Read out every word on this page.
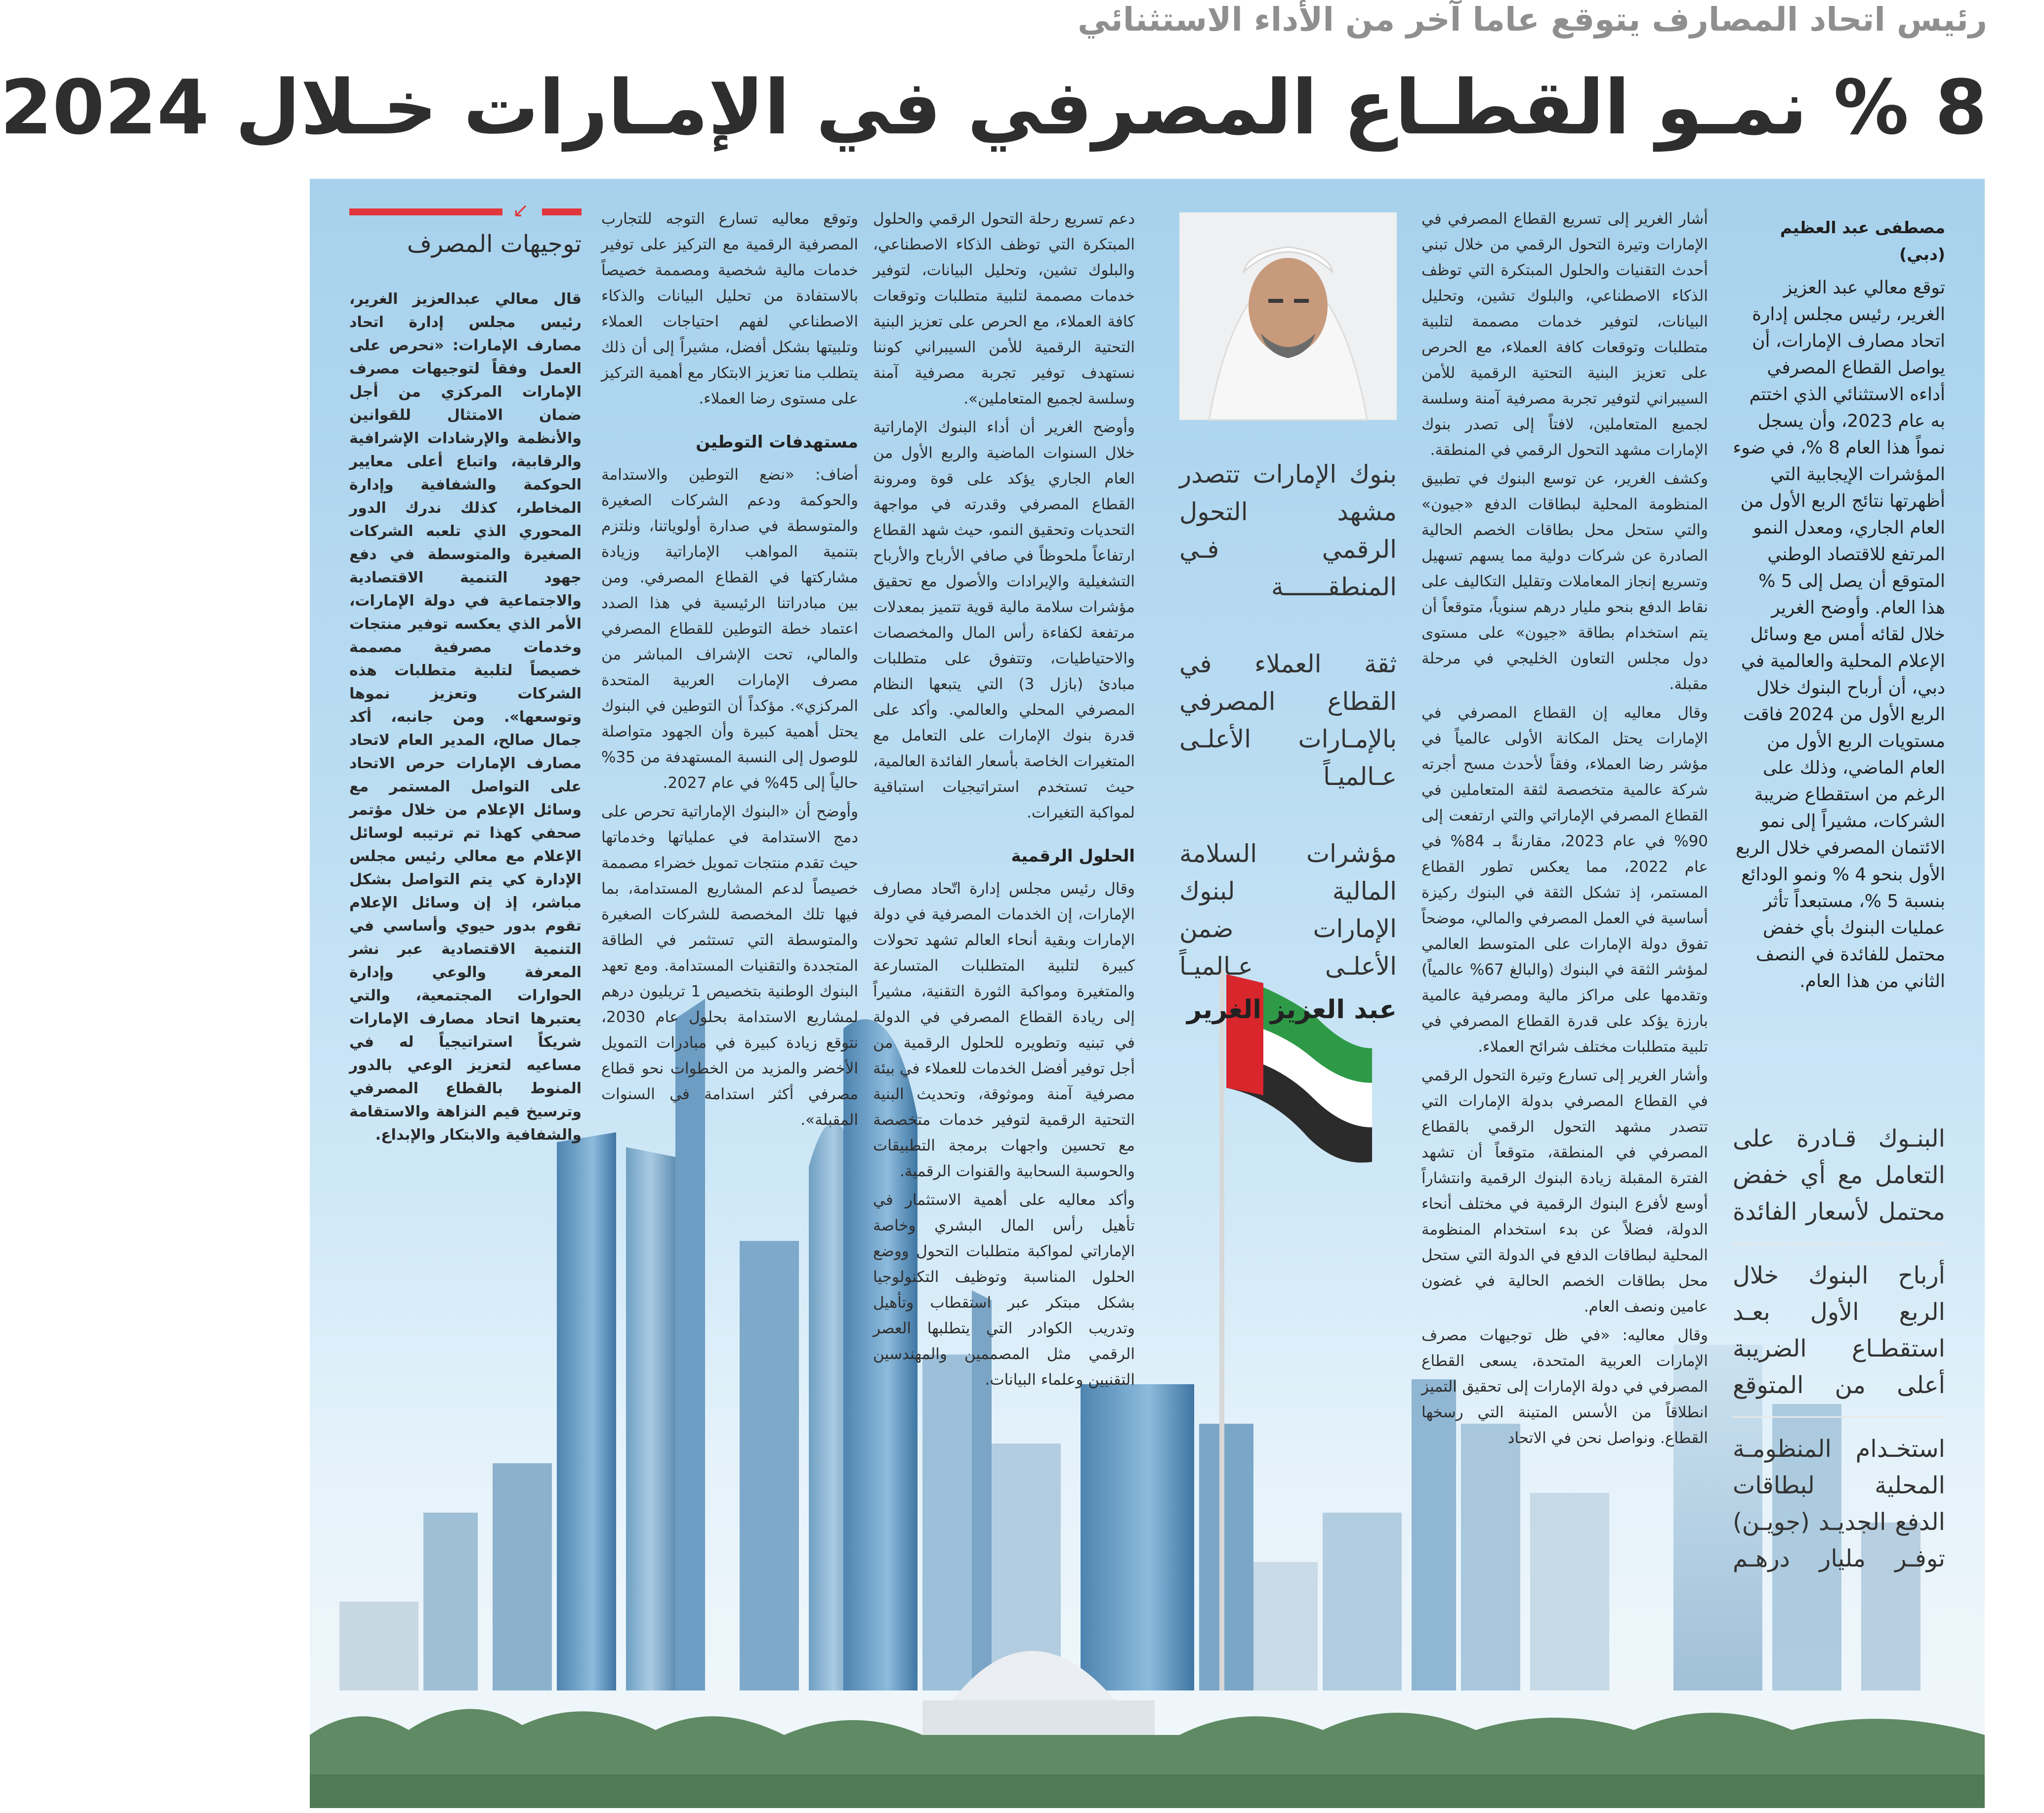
رئيس اتحاد المصارف يتوقع عاما آخر من الأداء الاستثنائي
8 % نمـو القطـاع المصرفي في الإمـارات خـلال 2024
مصطفى عبد العظيم (دبي)
توقع معالي عبد العزيز الغرير، رئيس مجلس إدارة اتحاد مصارف الإمارات، أن يواصل القطاع المصرفي أداءه الاستثنائي الذي اختتم به عام 2023، وأن يسجل نمواً هذا العام 8 %، في ضوء المؤشرات الإيجابية التي أظهرتها نتائج الربع الأول من العام الجاري، ومعدل النمو المرتفع للاقتصاد الوطني المتوقع أن يصل إلى 5 % هذا العام. وأوضح الغرير خلال لقائه أمس مع وسائل الإعلام المحلية والعالمية في دبي، أن أرباح البنوك خلال الربع الأول من 2024 فاقت مستويات الربع الأول من العام الماضي، وذلك على الرغم من استقطاع ضريبة الشركات، مشيراً إلى نمو الائتمان المصرفي خلال الربع الأول بنحو 4 % ونمو الودائع بنسبة 5 %، مستبعداً تأثر عمليات البنوك بأي خفض محتمل للفائدة في النصف الثاني من هذا العام.
البنـوك قـادرة على التعامل مع أي خفض محتمل لأسعار الفائدة
أرباح البنوك خلال الربع الأول بعـد استقطـاع الضريبة أعلى من المتوقع
استخـدام المنظومـة المحلية لبطاقات الدفع الجديـد (جويـن) توفـر مليار درهـم

أشار الغرير إلى تسريع القطاع المصرفي في الإمارات وتيرة التحول الرقمي من خلال تبني أحدث التقنيات والحلول المبتكرة التي توظف الذكاء الاصطناعي، والبلوك تشين، وتحليل البيانات، لتوفير خدمات مصممة لتلبية متطلبات وتوقعات كافة العملاء، مع الحرص على تعزيز البنية التحتية الرقمية للأمن السيبراني لتوفير تجربة مصرفية آمنة وسلسة لجميع المتعاملين، لافتاً إلى تصدر بنوك الإمارات مشهد التحول الرقمي في المنطقة.

وكشف الغرير، عن توسع البنوك في تطبيق المنظومة المحلية لبطاقات الدفع «جيون» والتي ستحل محل بطاقات الخصم الحالية الصادرة عن شركات دولية مما يسهم تسهيل وتسريع إنجاز المعاملات وتقليل التكاليف على نقاط الدفع بنحو مليار درهم سنوياً، متوقعاً أن يتم استخدام بطاقة «جيون» على مستوى دول مجلس التعاون الخليجي في مرحلة مقبلة.

وقال معاليه إن القطاع المصرفي في الإمارات يحتل المكانة الأولى عالمياً في مؤشر رضا العملاء، وفقاً لأحدث مسح أجرته شركة عالمية متخصصة لثقة المتعاملين في القطاع المصرفي الإماراتي والتي ارتفعت إلى 90% في عام 2023، مقارنةً بـ 84% في عام 2022، مما يعكس تطور القطاع المستمر، إذ تشكل الثقة في البنوك ركيزة أساسية في العمل المصرفي والمالي، موضحاً تفوق دولة الإمارات على المتوسط العالمي لمؤشر الثقة في البنوك (والبالغ 67% عالمياً) وتقدمها على مراكز مالية ومصرفية عالمية بارزة يؤكد على قدرة القطاع المصرفي في تلبية متطلبات مختلف شرائح العملاء.

وأشار الغرير إلى تسارع وتيرة التحول الرقمي في القطاع المصرفي بدولة الإمارات التي تتصدر مشهد التحول الرقمي بالقطاع المصرفي في المنطقة، متوقعاً أن تشهد الفترة المقبلة زيادة البنوك الرقمية وانتشاراً أوسع لأفرع البنوك الرقمية في مختلف أنحاء الدولة، فضلاً عن بدء استخدام المنظومة المحلية لبطاقات الدفع في الدولة التي ستحل محل بطاقات الخصم الحالية في غضون عامين ونصف العام.

وقال معاليه: «في ظل توجيهات مصرف الإمارات العربية المتحدة، يسعى القطاع المصرفي في دولة الإمارات إلى تحقيق التميز انطلاقاً من الأسس المتينة التي رسخها القطاع. ونواصل نحن في الاتحاد

بنوك الإمارات تتصدر مشهد التحول الرقمي فـي المنطقــــــة
ثقة العملاء في القطاع المصرفي بالإمـارات الأعلـى عـالميـاً
مؤشرات السلامة المالية لبنوك الإمارات ضمن الأعلـى عـالميـاً
عبد العزيز الغرير

دعم تسريع رحلة التحول الرقمي والحلول المبتكرة التي توظف الذكاء الاصطناعي، والبلوك تشين، وتحليل البيانات، لتوفير خدمات مصممة لتلبية متطلبات وتوقعات كافة العملاء، مع الحرص على تعزيز البنية التحتية الرقمية للأمن السيبراني كوننا نستهدف توفير تجربة مصرفية آمنة وسلسة لجميع المتعاملين».

وأوضح الغرير أن أداء البنوك الإماراتية خلال السنوات الماضية والربع الأول من العام الجاري يؤكد على قوة ومرونة القطاع المصرفي وقدرته في مواجهة التحديات وتحقيق النمو، حيث شهد القطاع ارتفاعاً ملحوظاً في صافي الأرباح والأرباح التشغيلية والإيرادات والأصول مع تحقيق مؤشرات سلامة مالية قوية تتميز بمعدلات مرتفعة لكفاءة رأس المال والمخصصات والاحتياطيات، وتتفوق على متطلبات مبادئ (بازل 3) التي يتبعها النظام المصرفي المحلي والعالمي. وأكد على قدرة بنوك الإمارات على التعامل مع المتغيرات الخاصة بأسعار الفائدة العالمية، حيث تستخدم استراتيجيات استباقية لمواكبة التغيرات.

الحلول الرقمية

وقال رئيس مجلس إدارة اتّحاد مصارف الإمارات، إن الخدمات المصرفية في دولة الإمارات وبقية أنحاء العالم تشهد تحولات كبيرة لتلبية المتطلبات المتسارعة والمتغيرة ومواكبة الثورة التقنية، مشيراً إلى ريادة القطاع المصرفي في الدولة في تبنيه وتطويره للحلول الرقمية من أجل توفير أفضل الخدمات للعملاء في بيئة مصرفية آمنة وموثوقة، وتحديث البنية التحتية الرقمية لتوفير خدمات متخصصة مع تحسين واجهات برمجة التطبيقات والحوسبة السحابية والقنوات الرقمية.

وأكد معاليه على أهمية الاستثمار في تأهيل رأس المال البشري وخاصة الإماراتي لمواكبة متطلبات التحول ووضع الحلول المناسبة وتوظيف التكنولوجيا بشكل مبتكر عبر استقطاب وتأهيل وتدريب الكوادر التي يتطلبها العصر الرقمي مثل المصممين والمهندسين التقنيين وعلماء البيانات.

وتوقع معاليه تسارع التوجه للتجارب المصرفية الرقمية مع التركيز على توفير خدمات مالية شخصية ومصممة خصيصاً بالاستفادة من تحليل البيانات والذكاء الاصطناعي لفهم احتياجات العملاء وتلبيتها بشكل أفضل، مشيراً إلى أن ذلك يتطلب منا تعزيز الابتكار مع أهمية التركيز على مستوى رضا العملاء.

مستهدفات التوطين

أضاف: «نضع التوطين والاستدامة والحوكمة ودعم الشركات الصغيرة والمتوسطة في صدارة أولوياتنا، ونلتزم بتنمية المواهب الإماراتية وزيادة مشاركتها في القطاع المصرفي. ومن بين مبادراتنا الرئيسية في هذا الصدد اعتماد خطة التوطين للقطاع المصرفي والمالي، تحت الإشراف المباشر من مصرف الإمارات العربية المتحدة المركزي». مؤكداً أن التوطين في البنوك يحتل أهمية كبيرة وأن الجهود متواصلة للوصول إلى النسبة المستهدفة من 35% حالياً إلى 45% في عام 2027.

وأوضح أن «البنوك الإماراتية تحرص على دمج الاستدامة في عملياتها وخدماتها حيث تقدم منتجات تمويل خضراء مصممة خصيصاً لدعم المشاريع المستدامة، بما فيها تلك المخصصة للشركات الصغيرة والمتوسطة التي تستثمر في الطاقة المتجددة والتقنيات المستدامة. ومع تعهد البنوك الوطنية بتخصيص 1 تريليون درهم لمشاريع الاستدامة بحلول عام 2030، نتوقع زيادة كبيرة في مبادرات التمويل الأخضر والمزيد من الخطوات نحو قطاع مصرفي أكثر استدامة في السنوات المقبلة».

↙
توجيهات المصرف
قال معالي عبدالعزيز الغرير، رئيس مجلس إدارة اتحاد مصارف الإمارات: «نحرص على العمل وفقاً لتوجيهات مصرف الإمارات المركزي من أجل ضمان الامتثال للقوانين والأنظمة والإرشادات الإشرافية والرقابية، واتباع أعلى معايير الحوكمة والشفافية وإدارة المخاطر، كذلك ندرك الدور المحوري الذي تلعبه الشركات الصغيرة والمتوسطة في دفع جهود التنمية الاقتصادية والاجتماعية في دولة الإمارات، الأمر الذي يعكسه توفير منتجات وخدمات مصرفية مصممة خصيصاً لتلبية متطلبات هذه الشركات وتعزيز نموها وتوسعها». ومن جانبه، أكد جمال صالح، المدير العام لاتحاد مصارف الإمارات حرص الاتحاد على التواصل المستمر مع وسائل الإعلام من خلال مؤتمر صحفي كهذا تم ترتيبه لوسائل الإعلام مع معالي رئيس مجلس الإدارة كي يتم التواصل بشكل مباشر، إذ إن وسائل الإعلام تقوم بدور حيوي وأساسي في التنمية الاقتصادية عبر نشر المعرفة والوعي وإدارة الحوارات المجتمعية، والتي يعتبرها اتحاد مصارف الإمارات شريكاً استراتيجياً له في مساعيه لتعزيز الوعي بالدور المنوط بالقطاع المصرفي وترسيخ قيم النزاهة والاستقامة والشفافية والابتكار والإبداع.
